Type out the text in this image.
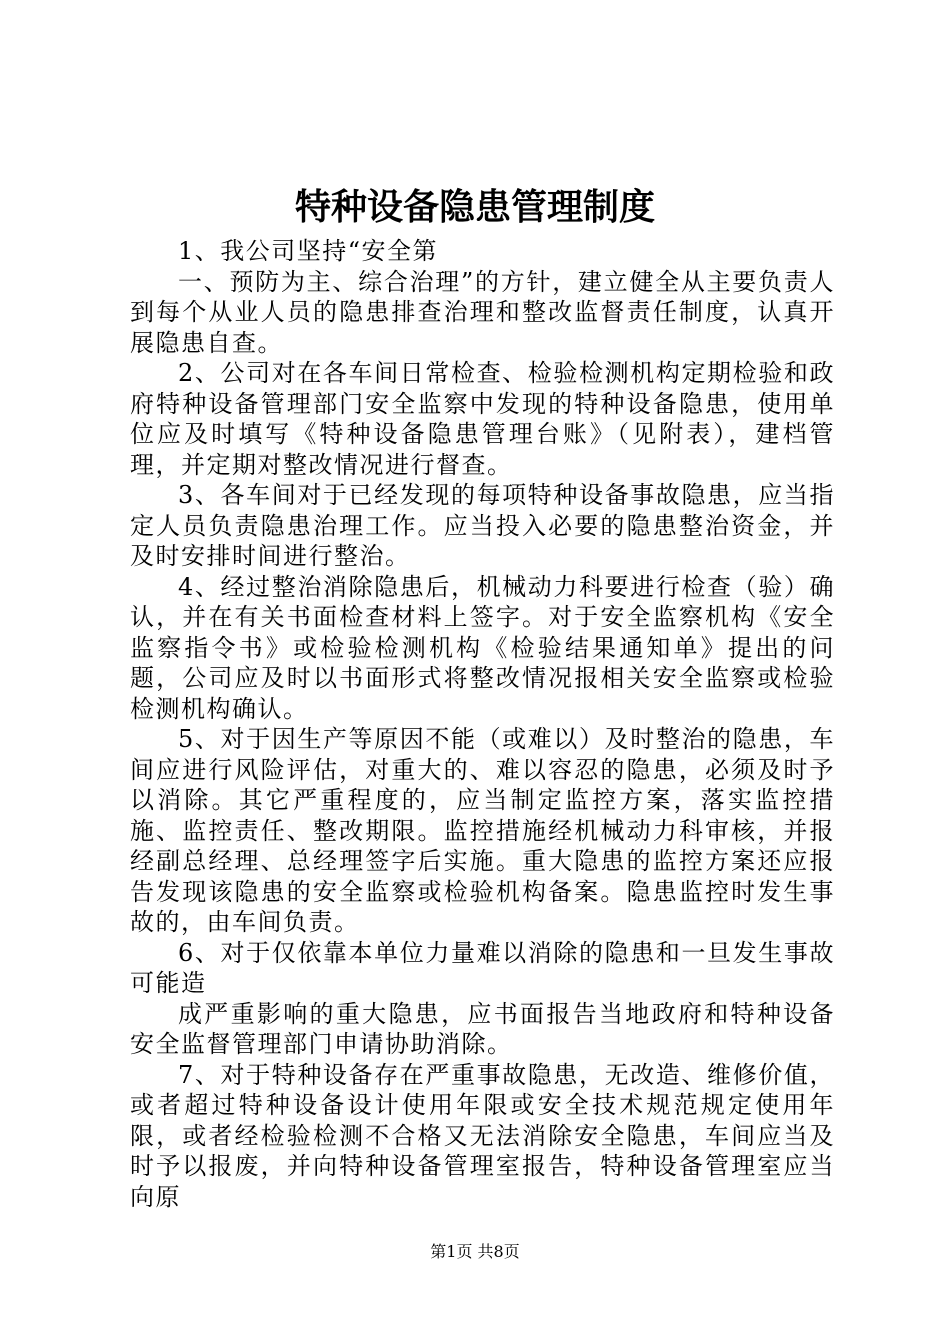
特种设备隐患管理制度

1、我公司坚持“安全第

一、预防为主、综合治理”的方针，建立健全从主要负责人到每个从业人员的隐患排查治理和整改监督责任制度，认真开展隐患自查。

2、公司对在各车间日常检查、检验检测机构定期检验和政府特种设备管理部门安全监察中发现的特种设备隐患，使用单位应及时填写《特种设备隐患管理台账》（见附表），建档管理，并定期对整改情况进行督查。

3、各车间对于已经发现的每项特种设备事故隐患，应当指定人员负责隐患治理工作。应当投入必要的隐患整治资金，并及时安排时间进行整治。

4、经过整治消除隐患后，机械动力科要进行检查（验）确认，并在有关书面检查材料上签字。对于安全监察机构《安全监察指令书》或检验检测机构《检验结果通知单》提出的问题，公司应及时以书面形式将整改情况报相关安全监察或检验检测机构确认。

5、对于因生产等原因不能（或难以）及时整治的隐患，车间应进行风险评估，对重大的、难以容忍的隐患，必须及时予以消除。其它严重程度的，应当制定监控方案，落实监控措施、监控责任、整改期限。监控措施经机械动力科审核，并报经副总经理、总经理签字后实施。重大隐患的监控方案还应报告发现该隐患的安全监察或检验机构备案。隐患监控时发生事故的，由车间负责。

6、对于仅依靠本单位力量难以消除的隐患和一旦发生事故可能造

成严重影响的重大隐患，应书面报告当地政府和特种设备安全监督管理部门申请协助消除。

7、对于特种设备存在严重事故隐患，无改造、维修价值，或者超过特种设备设计使用年限或安全技术规范规定使用年限，或者经检验检测不合格又无法消除安全隐患，车间应当及时予以报废，并向特种设备管理室报告，特种设备管理室应当向原

第1页 共8页
